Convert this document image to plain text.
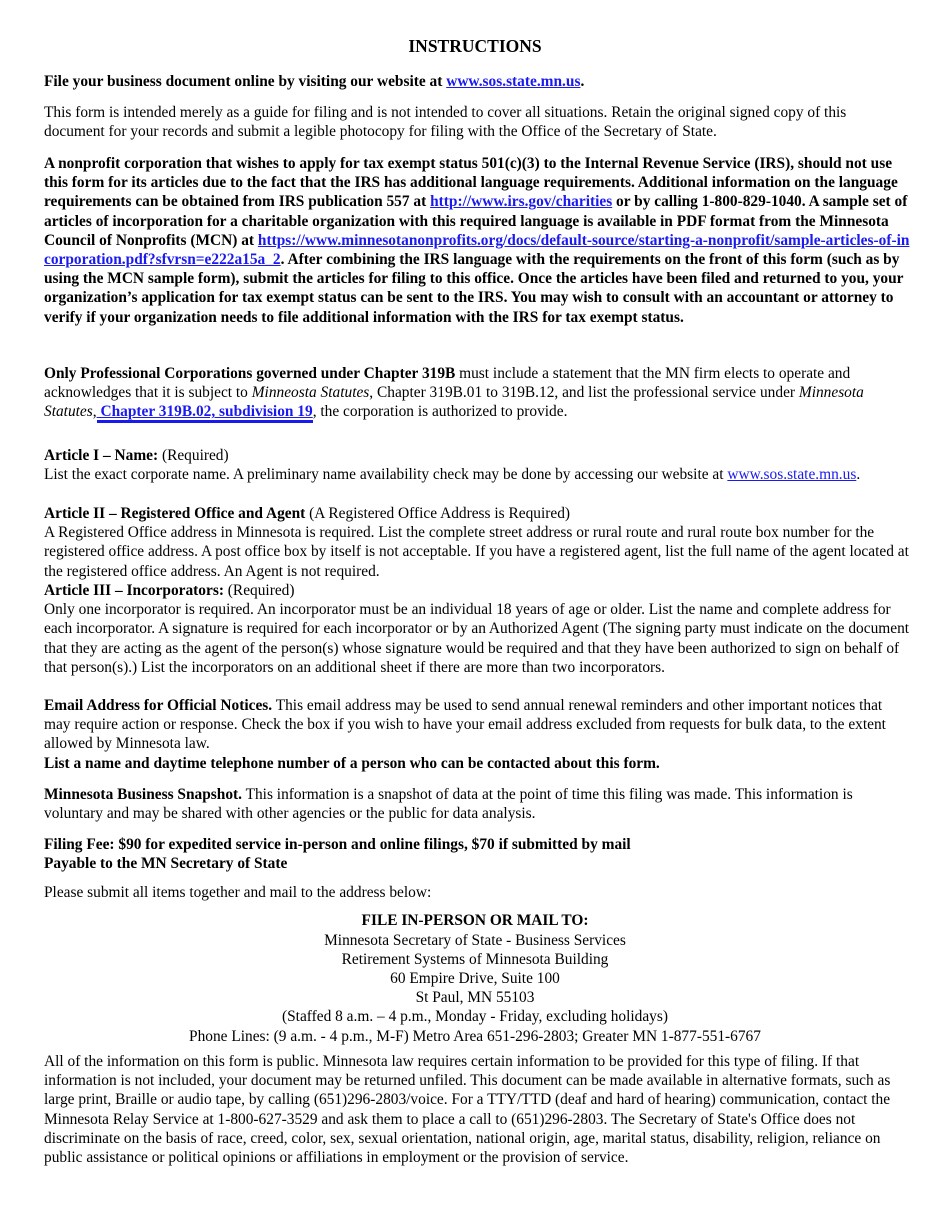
INSTRUCTIONS
File your business document online by visiting our website at www.sos.state.mn.us.
This form is intended merely as a guide for filing and is not intended to cover all situations. Retain the original signed copy of this document for your records and submit a legible photocopy for filing with the Office of the Secretary of State.
A nonprofit corporation that wishes to apply for tax exempt status 501(c)(3) to the Internal Revenue Service (IRS), should not use this form for its articles due to the fact that the IRS has additional language requirements. Additional information on the language requirements can be obtained from IRS publication 557 at http://www.irs.gov/charities or by calling 1-800-829-1040. A sample set of articles of incorporation for a charitable organization with this required language is available in PDF format from the Minnesota Council of Nonprofits (MCN) at https://www.minnesotanonprofits.org/docs/default-source/starting-a-nonprofit/sample-articles-of-incorporation.pdf?sfvrsn=e222a15a_2. After combining the IRS language with the requirements on the front of this form (such as by using the MCN sample form), submit the articles for filing to this office. Once the articles have been filed and returned to you, your organization’s application for tax exempt status can be sent to the IRS. You may wish to consult with an accountant or attorney to verify if your organization needs to file additional information with the IRS for tax exempt status.
Only Professional Corporations governed under Chapter 319B must include a statement that the MN firm elects to operate and acknowledges that it is subject to Minneosta Statutes, Chapter 319B.01 to 319B.12, and list the professional service under Minnesota Statutes, Chapter 319B.02, subdivision 19, the corporation is authorized to provide.
Article I – Name: (Required)
List the exact corporate name. A preliminary name availability check may be done by accessing our website at www.sos.state.mn.us.
Article II – Registered Office and Agent (A Registered Office Address is Required)
A Registered Office address in Minnesota is required. List the complete street address or rural route and rural route box number for the registered office address. A post office box by itself is not acceptable. If you have a registered agent, list the full name of the agent located at the registered office address. An Agent is not required.
Article III – Incorporators: (Required)
Only one incorporator is required. An incorporator must be an individual 18 years of age or older. List the name and complete address for each incorporator. A signature is required for each incorporator or by an Authorized Agent (The signing party must indicate on the document that they are acting as the agent of the person(s) whose signature would be required and that they have been authorized to sign on behalf of that person(s).) List the incorporators on an additional sheet if there are more than two incorporators.
Email Address for Official Notices. This email address may be used to send annual renewal reminders and other important notices that may require action or response. Check the box if you wish to have your email address excluded from requests for bulk data, to the extent allowed by Minnesota law.
List a name and daytime telephone number of a person who can be contacted about this form.
Minnesota Business Snapshot. This information is a snapshot of data at the point of time this filing was made. This information is voluntary and may be shared with other agencies or the public for data analysis.
Filing Fee: $90 for expedited service in-person and online filings, $70 if submitted by mail
Payable to the MN Secretary of State
Please submit all items together and mail to the address below:
FILE IN-PERSON OR MAIL TO:
Minnesota Secretary of State - Business Services
Retirement Systems of Minnesota Building
60 Empire Drive, Suite 100
St Paul, MN 55103
(Staffed 8 a.m. – 4 p.m., Monday - Friday, excluding holidays)
Phone Lines: (9 a.m. - 4 p.m., M-F) Metro Area 651-296-2803; Greater MN 1-877-551-6767
All of the information on this form is public. Minnesota law requires certain information to be provided for this type of filing. If that information is not included, your document may be returned unfiled. This document can be made available in alternative formats, such as large print, Braille or audio tape, by calling (651)296-2803/voice. For a TTY/TTD (deaf and hard of hearing) communication, contact the Minnesota Relay Service at 1-800-627-3529 and ask them to place a call to (651)296-2803. The Secretary of State's Office does not discriminate on the basis of race, creed, color, sex, sexual orientation, national origin, age, marital status, disability, religion, reliance on public assistance or political opinions or affiliations in employment or the provision of service.
